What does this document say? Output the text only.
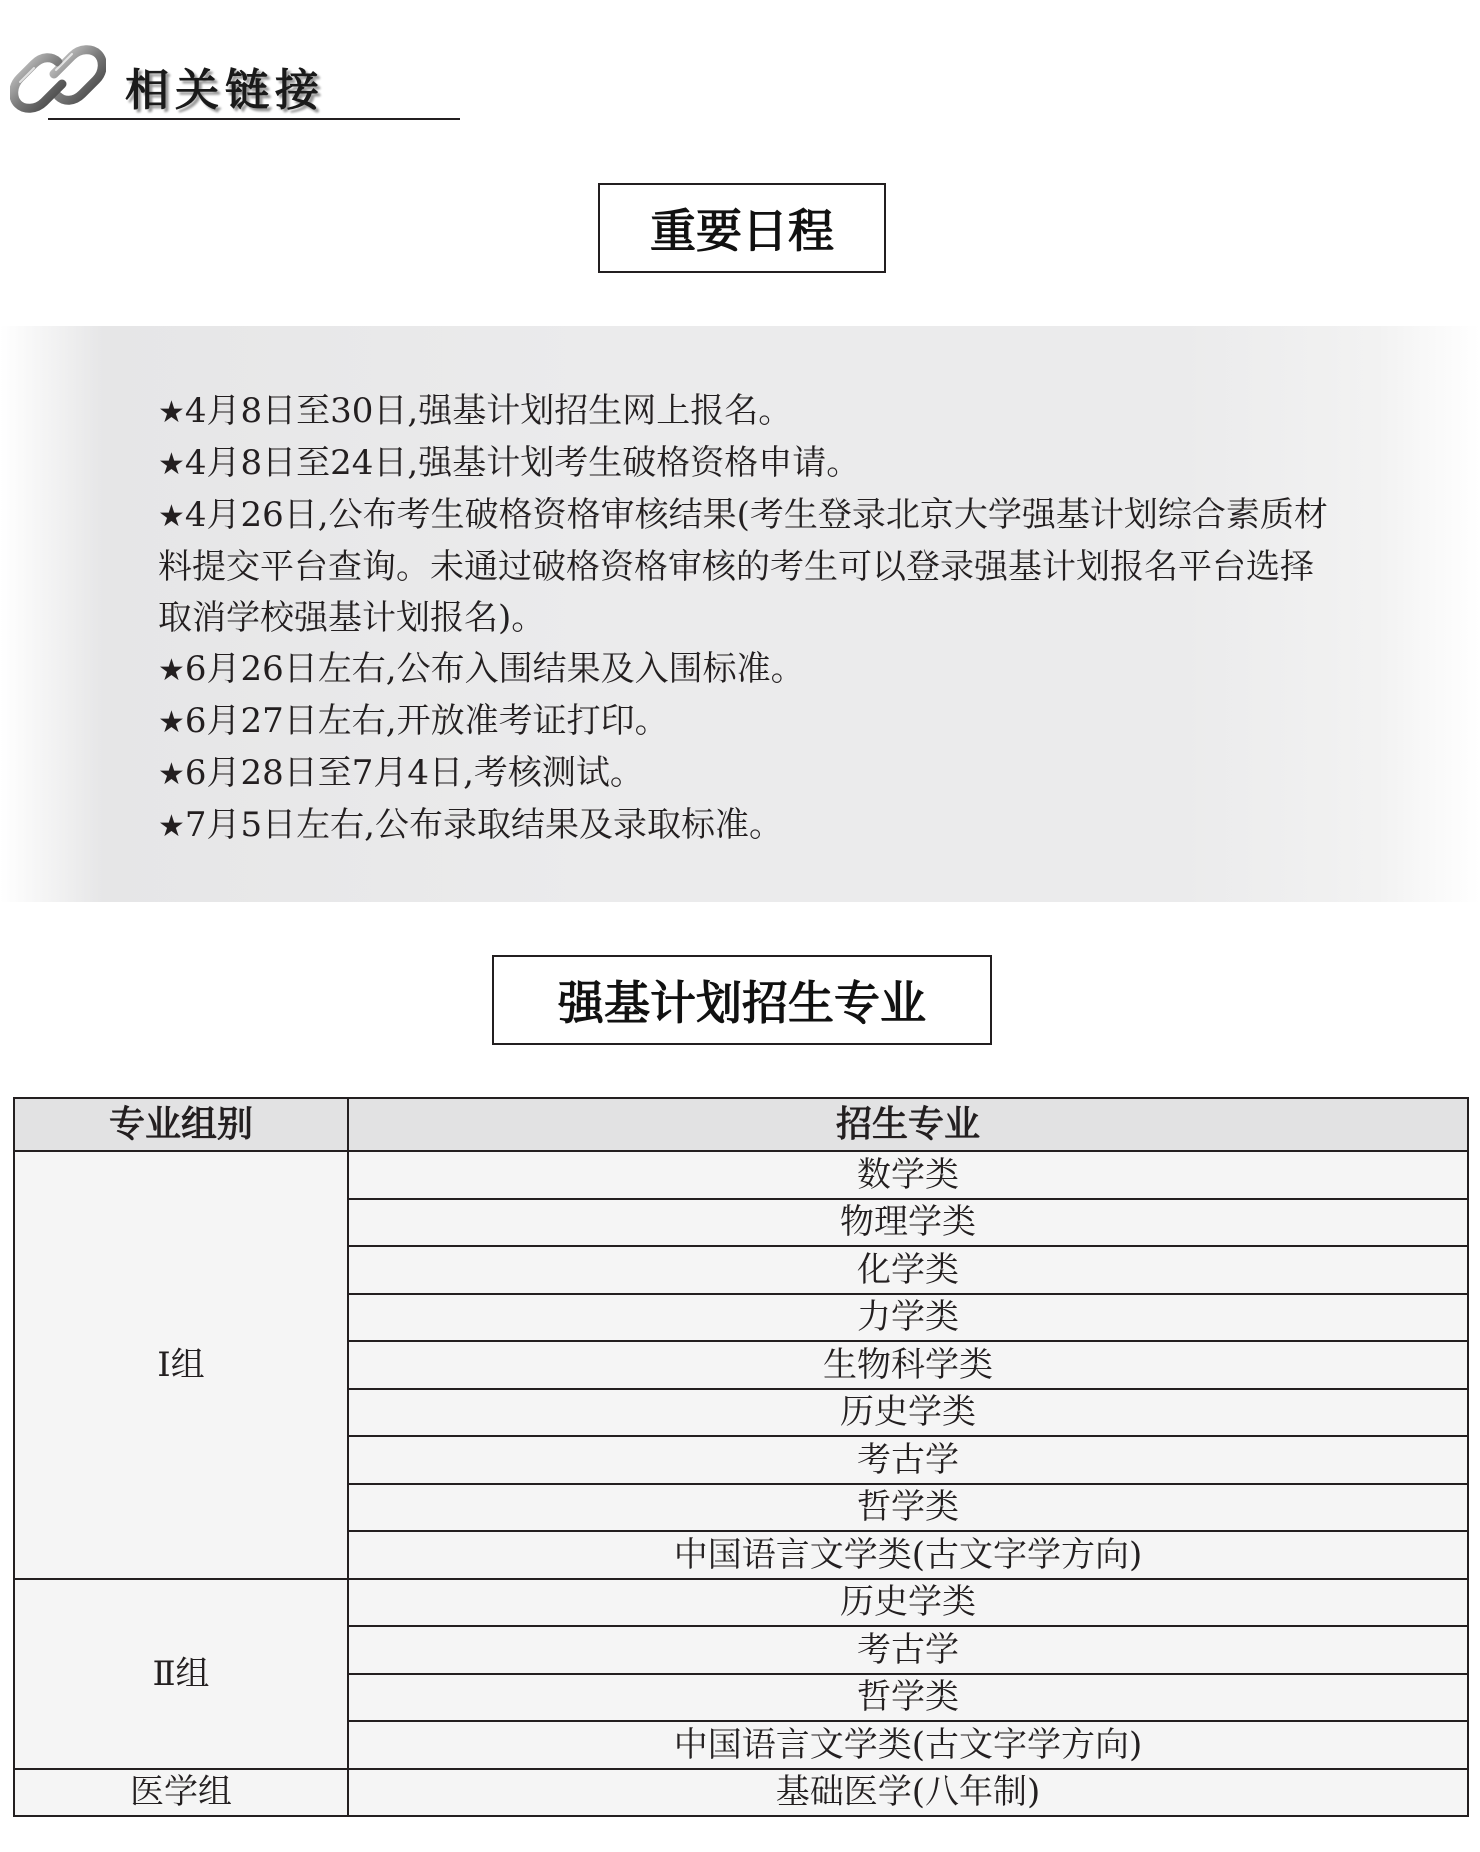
相关链接
重要日程
★4月8日至30日,强基计划招生网上报名。
★4月8日至24日,强基计划考生破格资格申请。
★4月26日,公布考生破格资格审核结果(考生登录北京大学强基计划综合素质材料提交平台查询。未通过破格资格审核的考生可以登录强基计划报名平台选择取消学校强基计划报名)。
★6月26日左右,公布入围结果及入围标准。
★6月27日左右,开放准考证打印。
★6月28日至7月4日,考核测试。
★7月5日左右,公布录取结果及录取标准。
强基计划招生专业
专业组别	招生专业
Ⅰ组	数学类
	物理学类
	化学类
	力学类
	生物科学类
	历史学类
	考古学
	哲学类
	中国语言文学类(古文字学方向)
Ⅱ组	历史学类
	考古学
	哲学类
	中国语言文学类(古文字学方向)
医学组	基础医学(八年制)
